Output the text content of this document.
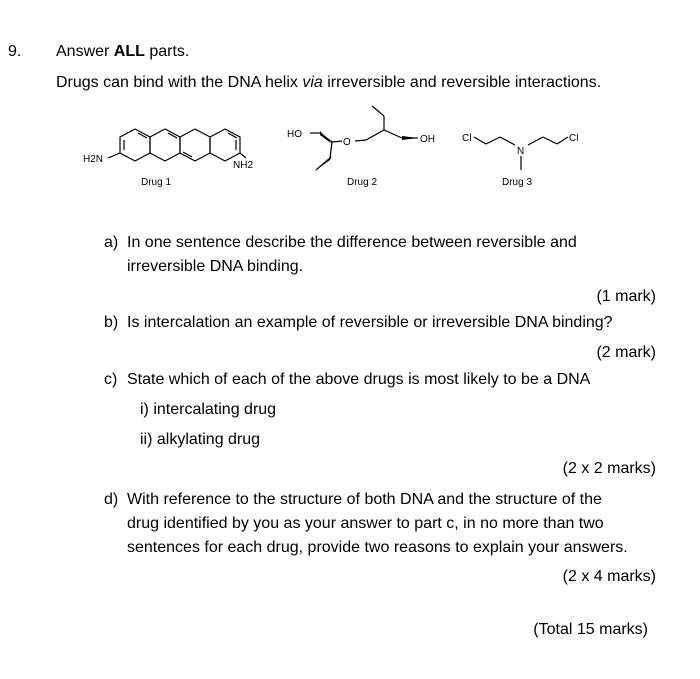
9. Answer ALL parts.
Drugs can bind with the DNA helix via irreversible and reversible interactions.
H2N
NH2
Drug 1
HO
O	OH
Drug 2
Cl
N
Cl
Drug 3
a) In one sentence describe the difference between reversible and
irreversible DNA binding.
(1 mark)
b) Is intercalation an example of reversible or irreversible DNA binding?
(2 mark)
c) State which of each of the above drugs is most likely to be a DNA
i) intercalating drug
ii) alkylating drug
(2 x 2 marks)
d) With reference to the structure of both DNA and the structure of the
drug identified by you as your answer to part c, in no more than two
sentences for each drug, provide two reasons to explain your answers.
(2 x 4 marks)
(Total 15 marks)
